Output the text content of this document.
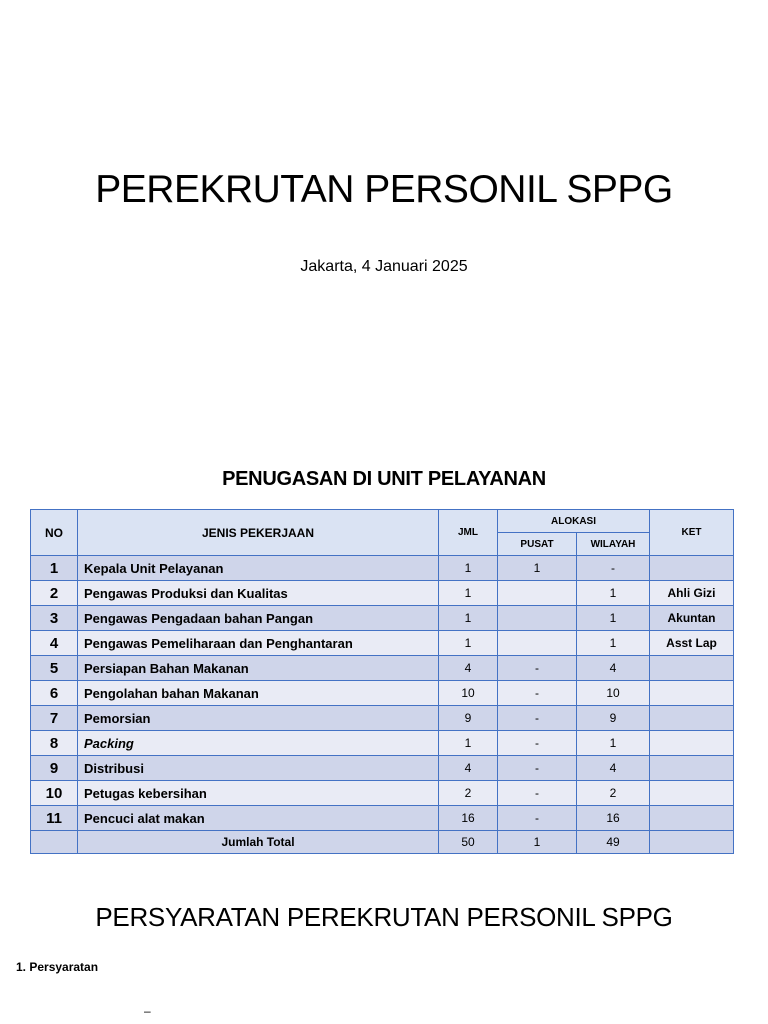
PEREKRUTAN PERSONIL SPPG
Jakarta, 4 Januari 2025
PENUGASAN DI UNIT PELAYANAN
NO	JENIS PEKERJAAN	JML	ALOKASI		KET
			PUSAT	WILAYAH	
1	Kepala Unit Pelayanan	1	1	-	
2	Pengawas Produksi dan Kualitas	1		1	Ahli Gizi
3	Pengawas Pengadaan bahan Pangan	1		1	Akuntan
4	Pengawas Pemeliharaan dan Penghantaran	1		1	Asst Lap
5	Persiapan Bahan Makanan	4	-	4	
6	Pengolahan bahan Makanan	10	-	10	
7	Pemorsian	9	-	9	
8	Packing	1	-	1	
9	Distribusi	4	-	4	
10	Petugas kebersihan	2	-	2	
11	Pencuci alat makan	16	-	16	
	Jumlah Total	50	1	49	
PERSYARATAN PEREKRUTAN PERSONIL SPPG
1. Persyaratan
–
